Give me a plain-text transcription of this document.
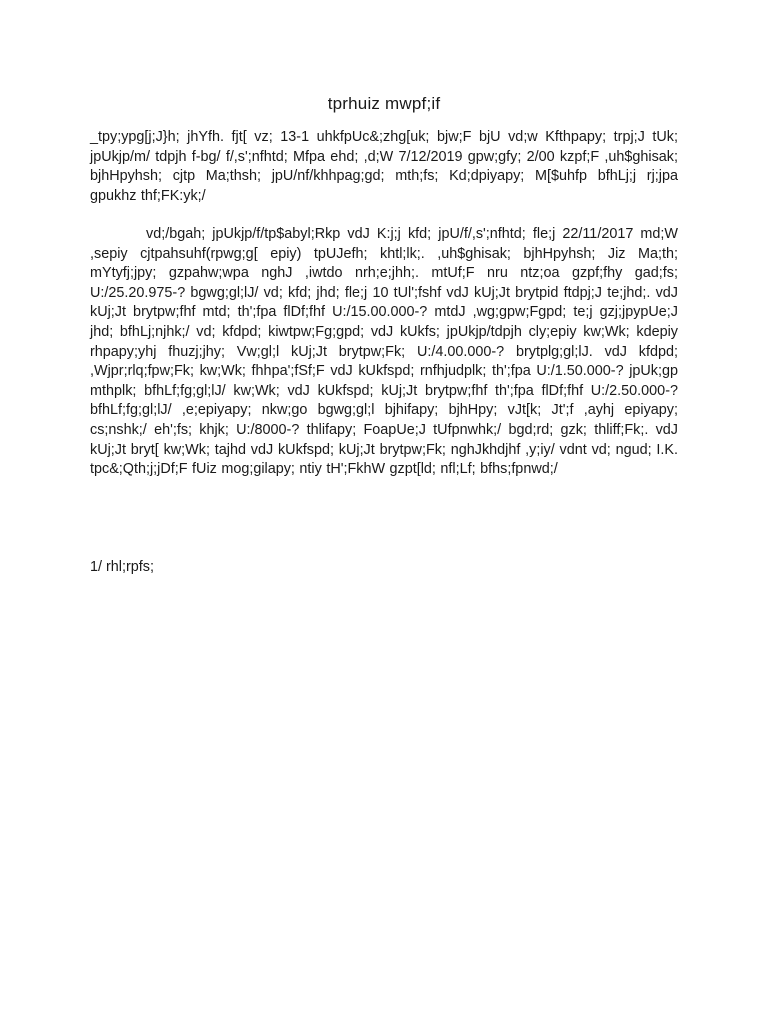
tprhuiz mwpf;if
_tpy;ypg[j;J}h; jhYfh. fjt[ vz; 13-1 uhkfpUc&;zhg[uk; bjw;F bjU vd;w Kfthpapy; trpj;J tUk; jpUkjp/m/ tdpjh f-bg/ f/,s';nfhtd; Mfpa ehd; ,d;W 7/12/2019 gpw;gfy; 2/00 kzpf;F ,uh$ghisak; bjhHpyhsh; cjtp Ma;thsh; jpU/nf/khhpag;gd; mth;fs; Kd;dpiyapy; M[$uhfp bfhLj;j rj;jpa gpukhz thf;FK:yk;/
vd;/bgah; jpUkjp/f/tp$abyl;Rkp vdJ K:j;j kfd; jpU/f/,s';nfhtd; fle;j 22/11/2017 md;W ,sepiy cjtpahsuhf(rpwg;g[ epiy) tpUJefh; khtl;lk;. ,uh$ghisak; bjhHpyhsh; Jiz Ma;th; mYtyfj;jpy; gzpahw;wpa nghJ ,iwtdo nrh;e;jhh;. mtUf;F nru ntz;oa gzpf;fhy gad;fs; U:/25.20.975-? bgwg;gl;lJ/ vd; kfd; jhd; fle;j 10 tUl';fshf vdJ kUj;Jt brytpid ftdpj;J te;jhd;. vdJ kUj;Jt brytpw;fhf mtd; th';fpa flDf;fhf U:/15.00.000-? mtdJ ,wg;gpw;Fgpd; te;j gzj;jpypUe;J jhd; bfhLj;njhk;/ vd; kfdpd; kiwtpw;Fg;gpd; vdJ kUkfs; jpUkjp/tdpjh cly;epiy kw;Wk; kdepiy rhpapy;yhj fhuzj;jhy; Vw;gl;l kUj;Jt brytpw;Fk; U:/4.00.000-? brytplg;gl;lJ. vdJ kfdpd; ,Wjpr;rlq;fpw;Fk; kw;Wk; fhhpa';fSf;F vdJ kUkfspd; rnfhjudplk; th';fpa U:/1.50.000-? jpUk;gp mthplk; bfhLf;fg;gl;lJ/ kw;Wk; vdJ kUkfspd; kUj;Jt brytpw;fhf th';fpa flDf;fhf U:/2.50.000-? bfhLf;fg;gl;lJ/ ,e;epiyapy; nkw;go bgwg;gl;l bjhifapy; bjhHpy; vJt[k; Jt';f ,ayhj epiyapy; cs;nshk;/ eh';fs; khjk; U:/8000-? thlifapy; FoapUe;J tUfpnwhk;/ bgd;rd; gzk; thliff;Fk;. vdJ kUj;Jt bryt[ kw;Wk; tajhd vdJ kUkfspd; kUj;Jt brytpw;Fk; nghJkhdjhf ,y;iy/ vdnt vd; ngud; I.K. tpc&;Qth;j;jDf;F fUiz mog;gilapy; ntiy tH';FkhW gzpt[ld; nfl;Lf; bfhs;fpnwd;/
1/ rhl;rpfs;
